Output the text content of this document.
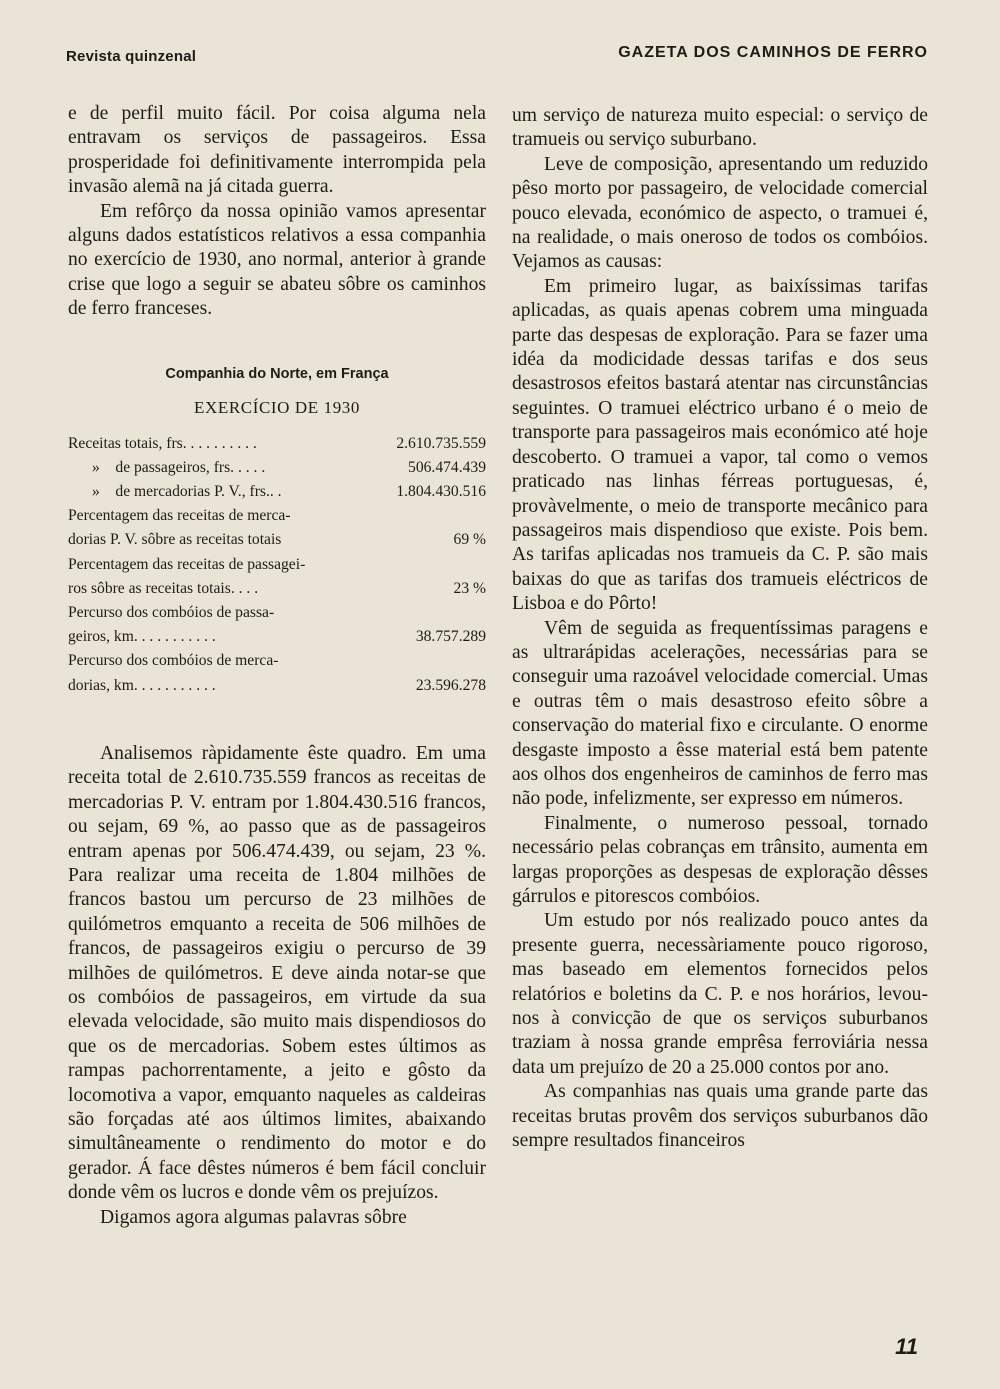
Revista quinzenal	GAZETA DOS CAMINHOS DE FERRO

e de perfil muito fácil. Por coisa alguma nela entravam os serviços de passageiros. Essa prosperidade foi definitivamente interrompida pela invasão alemã na já citada guerra.

Em refôrço da nossa opinião vamos apresentar alguns dados estatísticos relativos a essa companhia no exercício de 1930, ano normal, anterior à grande crise que logo a seguir se abateu sôbre os caminhos de ferro franceses.

Companhia do Norte, em França
EXERCÍCIO DE 1930
Receitas totais, frs. . . . . . . . . .	2.610.735.559
»    de passageiros, frs. . . . .	506.474.439
»    de mercadorias P. V., frs.. .	1.804.430.516
Percentagem das receitas de merca-
dorias P. V. sôbre as receitas totais	69 %
Percentagem das receitas de passagei-
ros sôbre as receitas totais. . . .	23 %
Percurso dos combóios de passa-
geiros, km. . . . . . . . . . .	38.757.289
Percurso dos combóios de merca-
dorias, km. . . . . . . . . . .	23.596.278

Analisemos ràpidamente êste quadro. Em uma receita total de 2.610.735.559 francos as receitas de mercadorias P. V. entram por 1.804.430.516 francos, ou sejam, 69 %, ao passo que as de passageiros entram apenas por 506.474.439, ou sejam, 23 %. Para realizar uma receita de 1.804 milhões de francos bastou um percurso de 23 milhões de quilómetros emquanto a receita de 506 milhões de francos, de passageiros exigiu o percurso de 39 milhões de quilómetros. E deve ainda notar-se que os combóios de passageiros, em virtude da sua elevada velocidade, são muito mais dispendiosos do que os de mercadorias. Sobem estes últimos as rampas pachorrentamente, a jeito e gôsto da locomotiva a vapor, emquanto naqueles as caldeiras são forçadas até aos últimos limites, abaixando simultâneamente o rendimento do motor e do gerador. Á face dêstes números é bem fácil concluir donde vêm os lucros e donde vêm os prejuízos.

Digamos agora algumas palavras sôbre

um serviço de natureza muito especial: o serviço de tramueis ou serviço suburbano.

Leve de composição, apresentando um reduzido pêso morto por passageiro, de velocidade comercial pouco elevada, económico de aspecto, o tramuei é, na realidade, o mais oneroso de todos os combóios. Vejamos as causas:

Em primeiro lugar, as baixíssimas tarifas aplicadas, as quais apenas cobrem uma minguada parte das despesas de exploração. Para se fazer uma idéa da modicidade dessas tarifas e dos seus desastrosos efeitos bastará atentar nas circunstâncias seguintes. O tramuei eléctrico urbano é o meio de transporte para passageiros mais económico até hoje descoberto. O tramuei a vapor, tal como o vemos praticado nas linhas férreas portuguesas, é, provàvelmente, o meio de transporte mecânico para passageiros mais dispendioso que existe. Pois bem. As tarifas aplicadas nos tramueis da C. P. são mais baixas do que as tarifas dos tramueis eléctricos de Lisboa e do Pôrto!

Vêm de seguida as frequentíssimas paragens e as ultrarápidas acelerações, necessárias para se conseguir uma razoável velocidade comercial. Umas e outras têm o mais desastroso efeito sôbre a conservação do material fixo e circulante. O enorme desgaste imposto a êsse material está bem patente aos olhos dos engenheiros de caminhos de ferro mas não pode, infelizmente, ser expresso em números.

Finalmente, o numeroso pessoal, tornado necessário pelas cobranças em trânsito, aumenta em largas proporções as despesas de exploração dêsses gárrulos e pitorescos combóios.

Um estudo por nós realizado pouco antes da presente guerra, necessàriamente pouco rigoroso, mas baseado em elementos fornecidos pelos relatórios e boletins da C. P. e nos horários, levou-nos à convicção de que os serviços suburbanos traziam à nossa grande emprêsa ferroviária nessa data um prejuízo de 20 a 25.000 contos por ano.

As companhias nas quais uma grande parte das receitas brutas provêm dos serviços suburbanos dão sempre resultados financeiros

11
